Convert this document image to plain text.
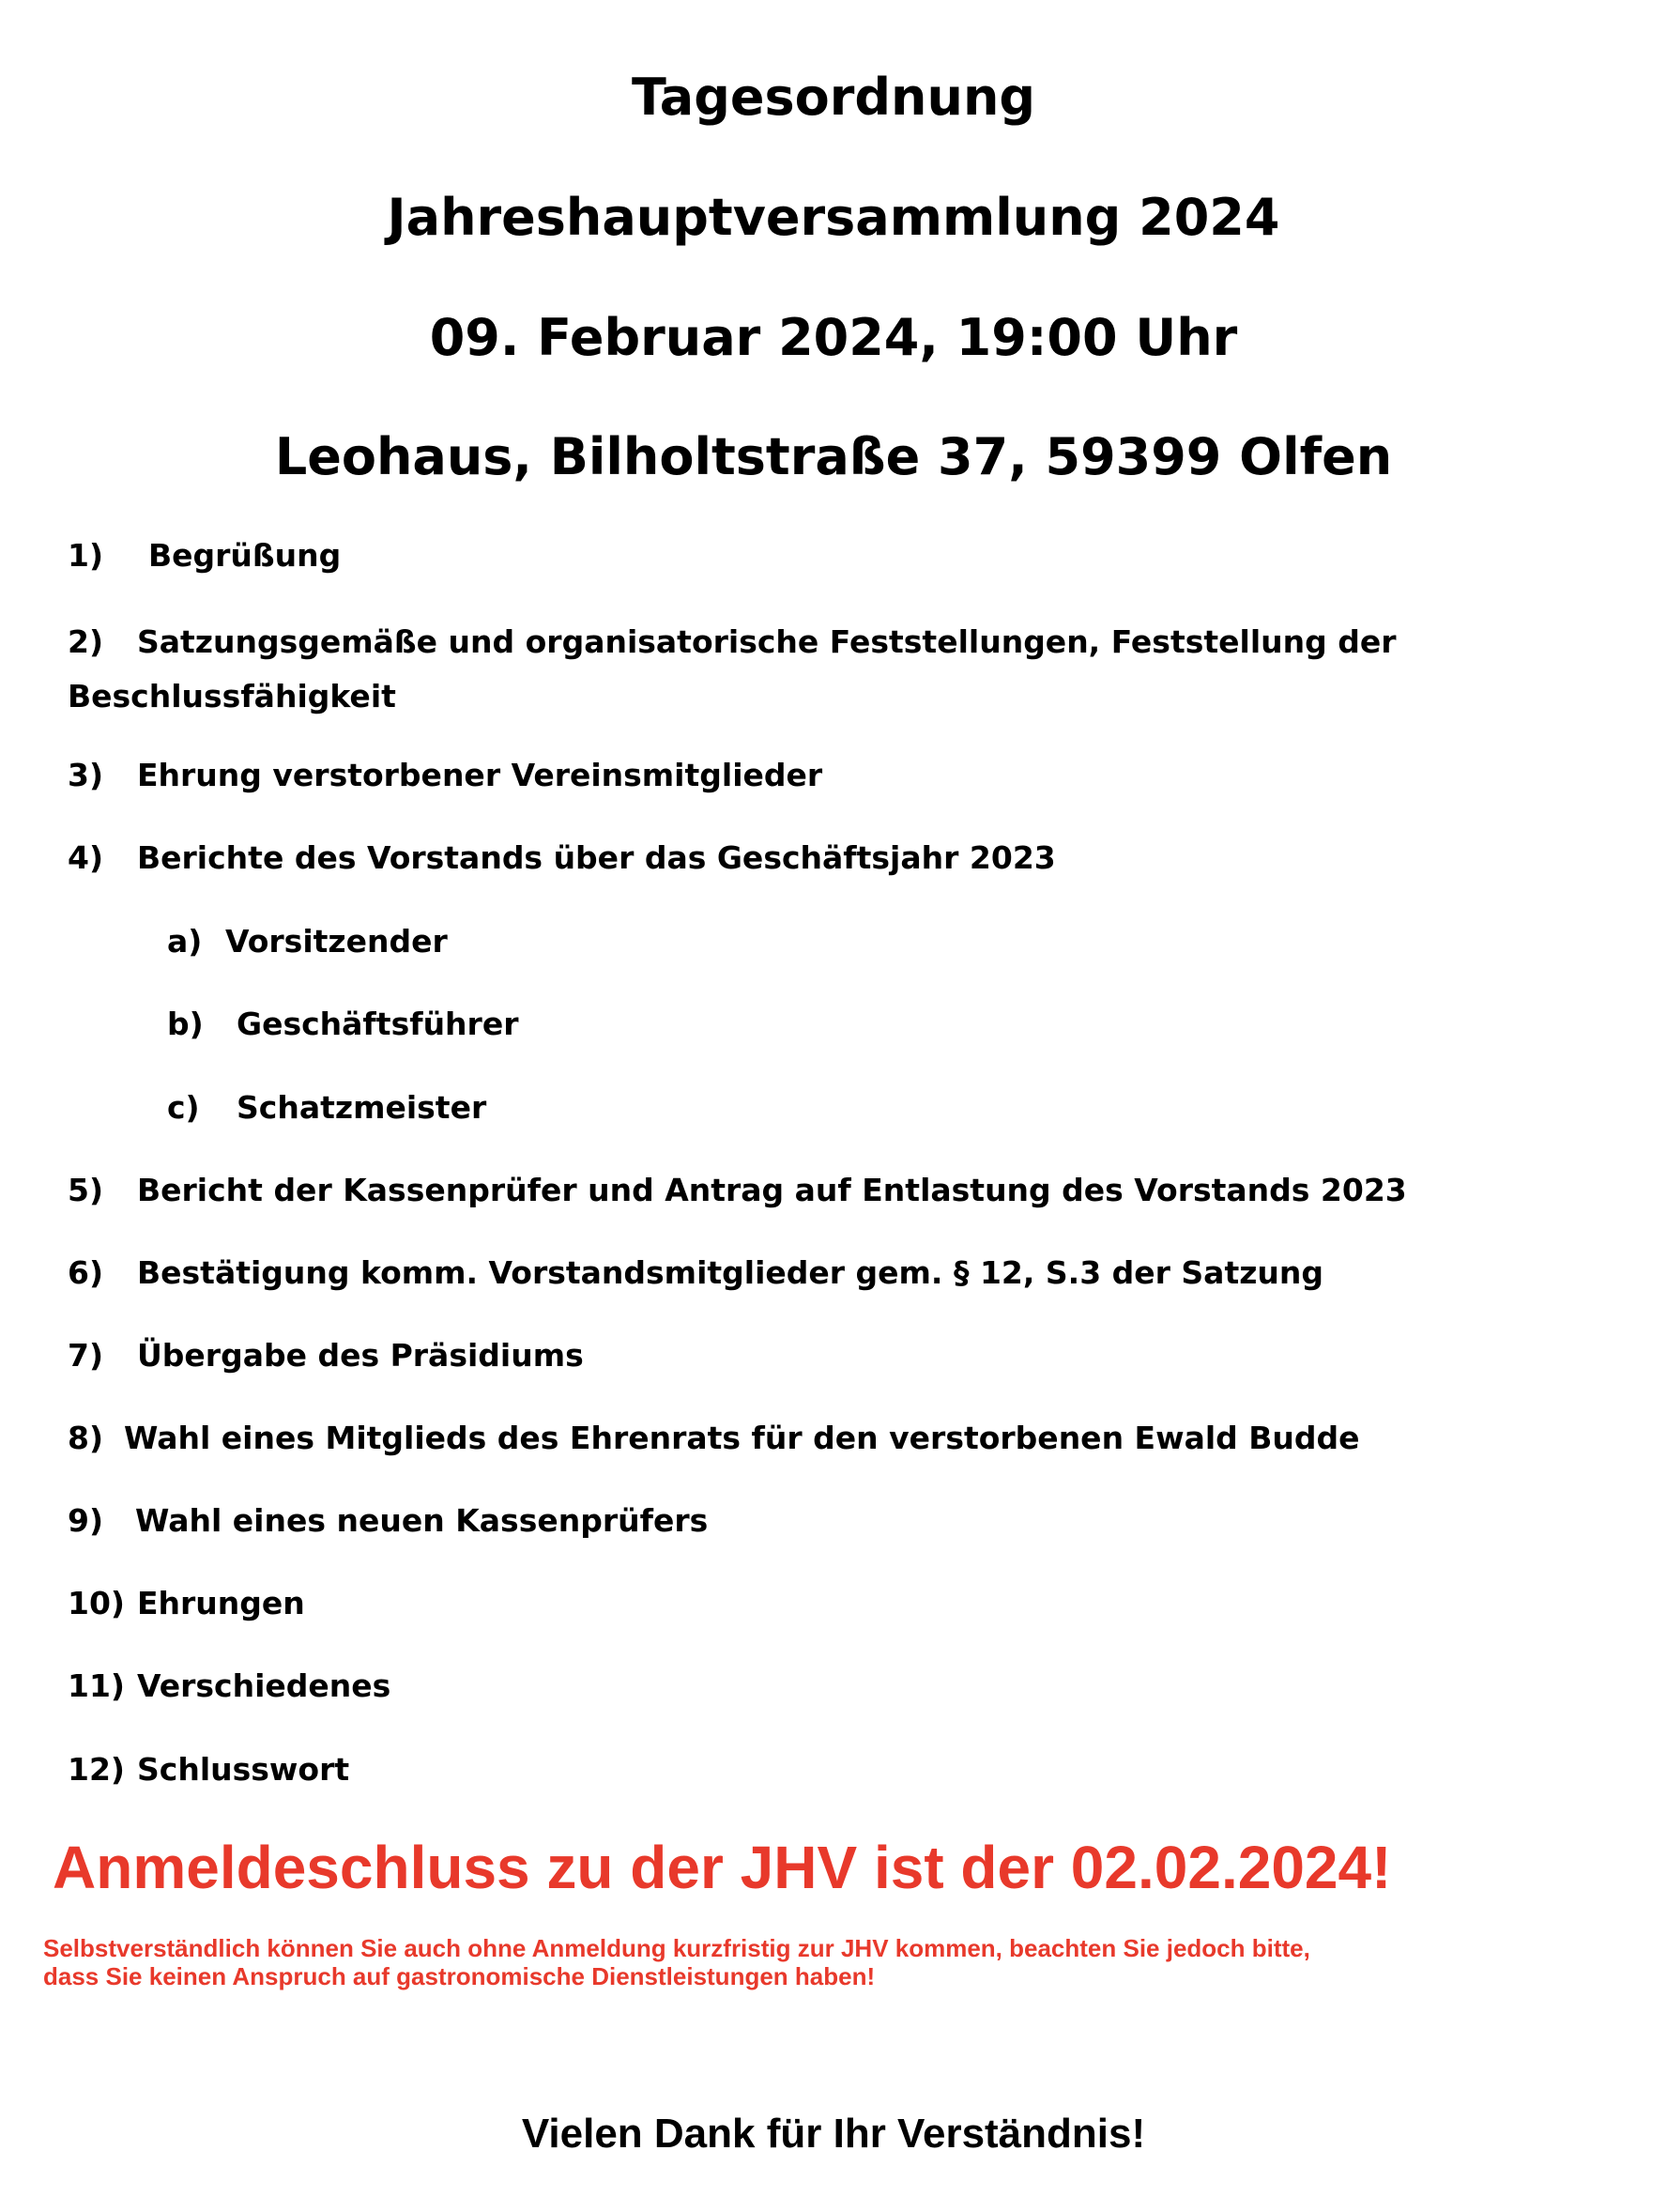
Tagesordnung
Jahreshauptversammlung 2024
09. Februar 2024, 19:00 Uhr
Leohaus, Bilholtstraße 37, 59399 Olfen
1) Begrüßung
2) Satzungsgemäße und organisatorische Feststellungen, Feststellung der Beschlussfähigkeit
3) Ehrung verstorbener Vereinsmitglieder
4) Berichte des Vorstands über das Geschäftsjahr 2023
a) Vorsitzender
b) Geschäftsführer
c) Schatzmeister
5) Bericht der Kassenprüfer und Antrag auf Entlastung des Vorstands 2023
6) Bestätigung komm. Vorstandsmitglieder gem. § 12, S.3 der Satzung
7) Übergabe des Präsidiums
8) Wahl eines Mitglieds des Ehrenrats für den verstorbenen Ewald Budde
9) Wahl eines neuen Kassenprüfers
10) Ehrungen
11) Verschiedenes
12) Schlusswort
Anmeldeschluss zu der JHV ist der 02.02.2024!
Selbstverständlich können Sie auch ohne Anmeldung kurzfristig zur JHV kommen, beachten Sie jedoch bitte,
dass Sie keinen Anspruch auf gastronomische Dienstleistungen haben!
Vielen Dank für Ihr Verständnis!
